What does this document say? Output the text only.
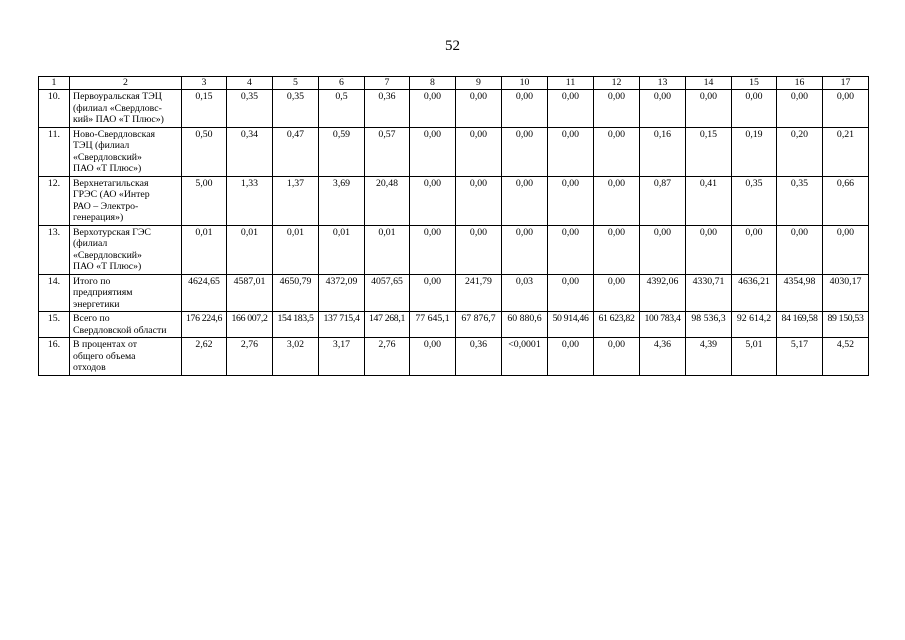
52
1	2	3	4	5	6	7	8	9	10	11	12	13	14	15	16	17
10.	Первоуральская ТЭЦ
(филиал «Свердловс-
кий» ПАО «Т Плюс»)	0,15	0,35	0,35	0,5	0,36	0,00	0,00	0,00	0,00	0,00	0,00	0,00	0,00	0,00	0,00
11.	Ново-Свердловская
ТЭЦ (филиал
«Свердловский»
ПАО «Т Плюс»)	0,50	0,34	0,47	0,59	0,57	0,00	0,00	0,00	0,00	0,00	0,16	0,15	0,19	0,20	0,21
12.	Верхнетагильская
ГРЭС (АО «Интер
РАО – Электро-
генерация»)	5,00	1,33	1,37	3,69	20,48	0,00	0,00	0,00	0,00	0,00	0,87	0,41	0,35	0,35	0,66
13.	Верхотурская ГЭС
(филиал
«Свердловский»
ПАО «Т Плюс»)	0,01	0,01	0,01	0,01	0,01	0,00	0,00	0,00	0,00	0,00	0,00	0,00	0,00	0,00	0,00
14.	Итого по
предприятиям
энергетики	4624,65	4587,01	4650,79	4372,09	4057,65	0,00	241,79	0,03	0,00	0,00	4392,06	4330,71	4636,21	4354,98	4030,17
15.	Всего по
Свердловской области	176 224,6	166 007,2	154 183,5	137 715,4	147 268,1	77 645,1	67 876,7	60 880,6	50 914,46	61 623,82	100 783,4	98 536,3	92 614,2	84 169,58	89 150,53
16.	В процентах от
общего объема
отходов	2,62	2,76	3,02	3,17	2,76	0,00	0,36	<0,0001	0,00	0,00	4,36	4,39	5,01	5,17	4,52
